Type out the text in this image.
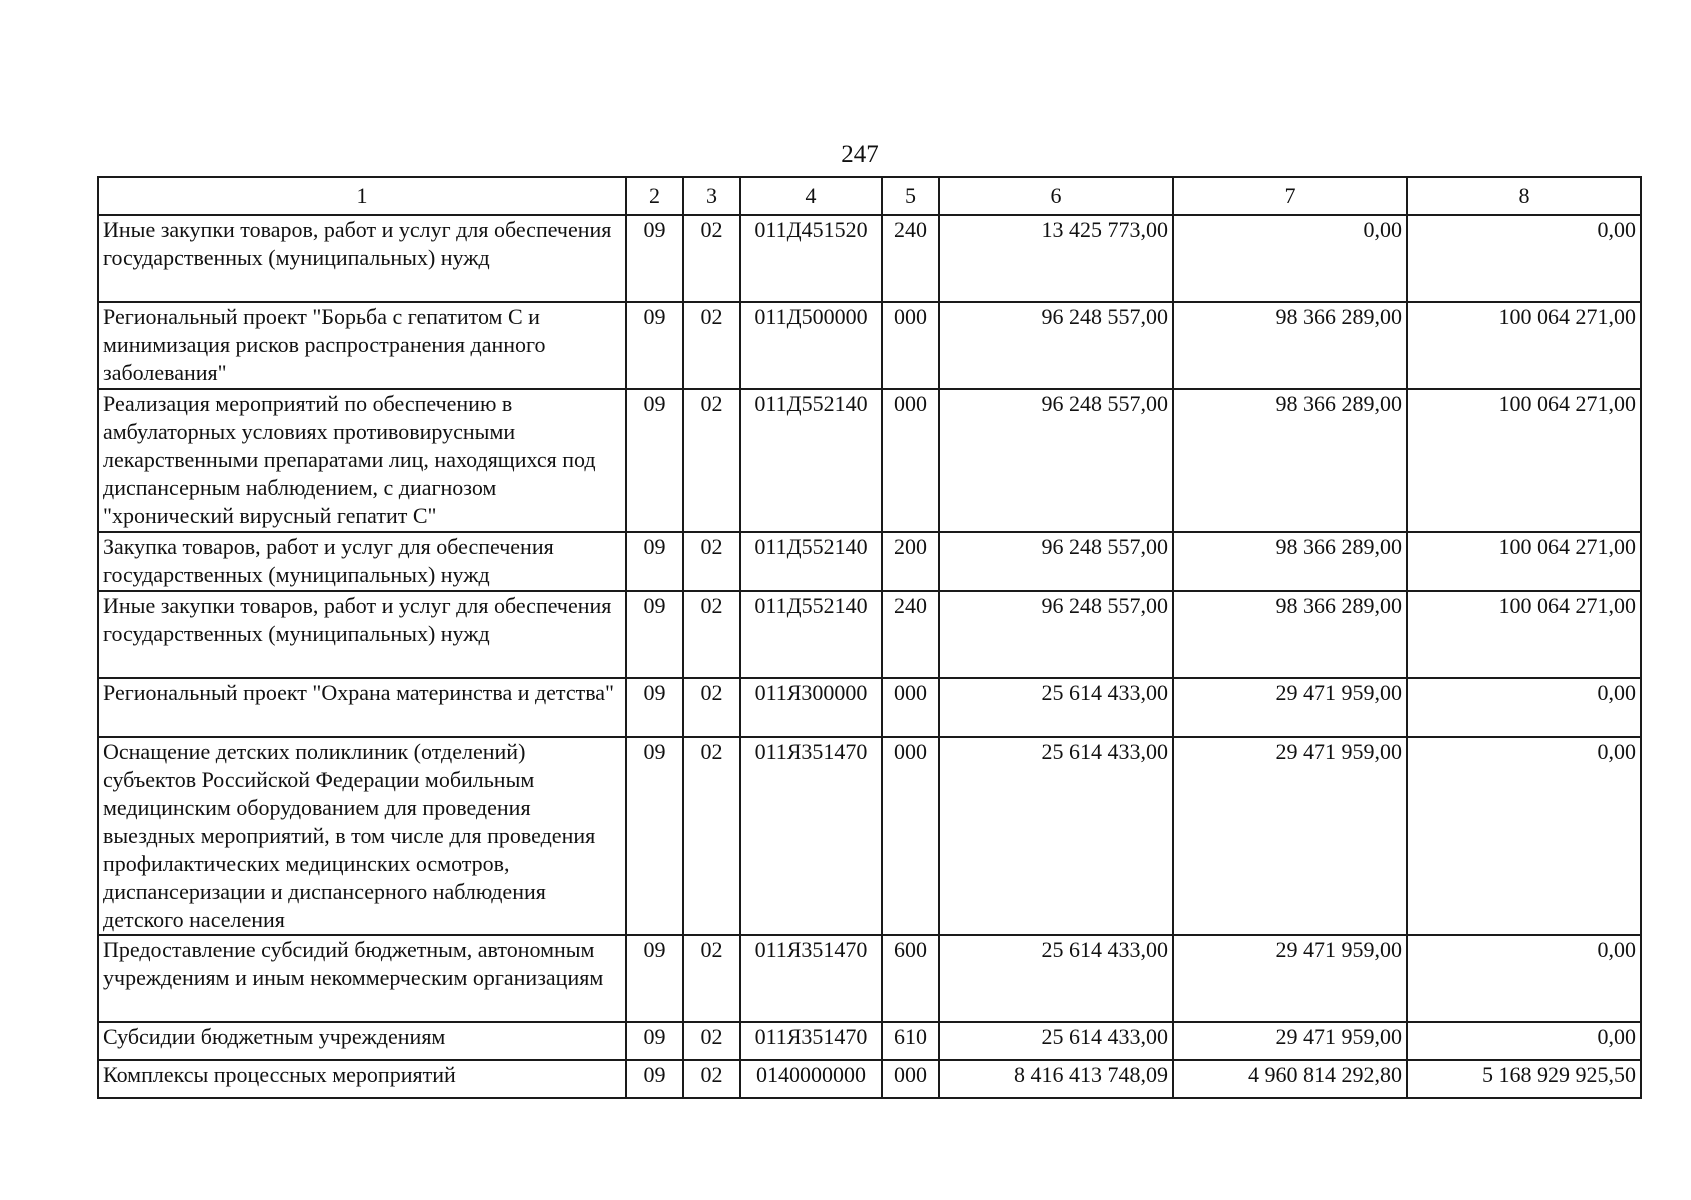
247
1	2	3	4	5	6	7	8
Иные закупки товаров, работ и услуг для обеспечения государственных (муниципальных) нужд	09	02	011Д451520	240	13 425 773,00	0,00	0,00
Региональный проект "Борьба с гепатитом С и минимизация рисков распространения данного заболевания"	09	02	011Д500000	000	96 248 557,00	98 366 289,00	100 064 271,00
Реализация мероприятий по обеспечению в амбулаторных условиях противовирусными лекарственными препаратами лиц, находящихся под диспансерным наблюдением, с диагнозом "хронический вирусный гепатит С"	09	02	011Д552140	000	96 248 557,00	98 366 289,00	100 064 271,00
Закупка товаров, работ и услуг для обеспечения государственных (муниципальных) нужд	09	02	011Д552140	200	96 248 557,00	98 366 289,00	100 064 271,00
Иные закупки товаров, работ и услуг для обеспечения государственных (муниципальных) нужд	09	02	011Д552140	240	96 248 557,00	98 366 289,00	100 064 271,00
Региональный проект "Охрана материнства и детства"	09	02	011Я300000	000	25 614 433,00	29 471 959,00	0,00
Оснащение детских поликлиник (отделений) субъектов Российской Федерации мобильным медицинским оборудованием для проведения выездных мероприятий, в том числе для проведения профилактических медицинских осмотров, диспансеризации и диспансерного наблюдения детского населения	09	02	011Я351470	000	25 614 433,00	29 471 959,00	0,00
Предоставление субсидий бюджетным, автономным учреждениям и иным некоммерческим организациям	09	02	011Я351470	600	25 614 433,00	29 471 959,00	0,00
Субсидии бюджетным учреждениям	09	02	011Я351470	610	25 614 433,00	29 471 959,00	0,00
Комплексы процессных мероприятий	09	02	0140000000	000	8 416 413 748,09	4 960 814 292,80	5 168 929 925,50
